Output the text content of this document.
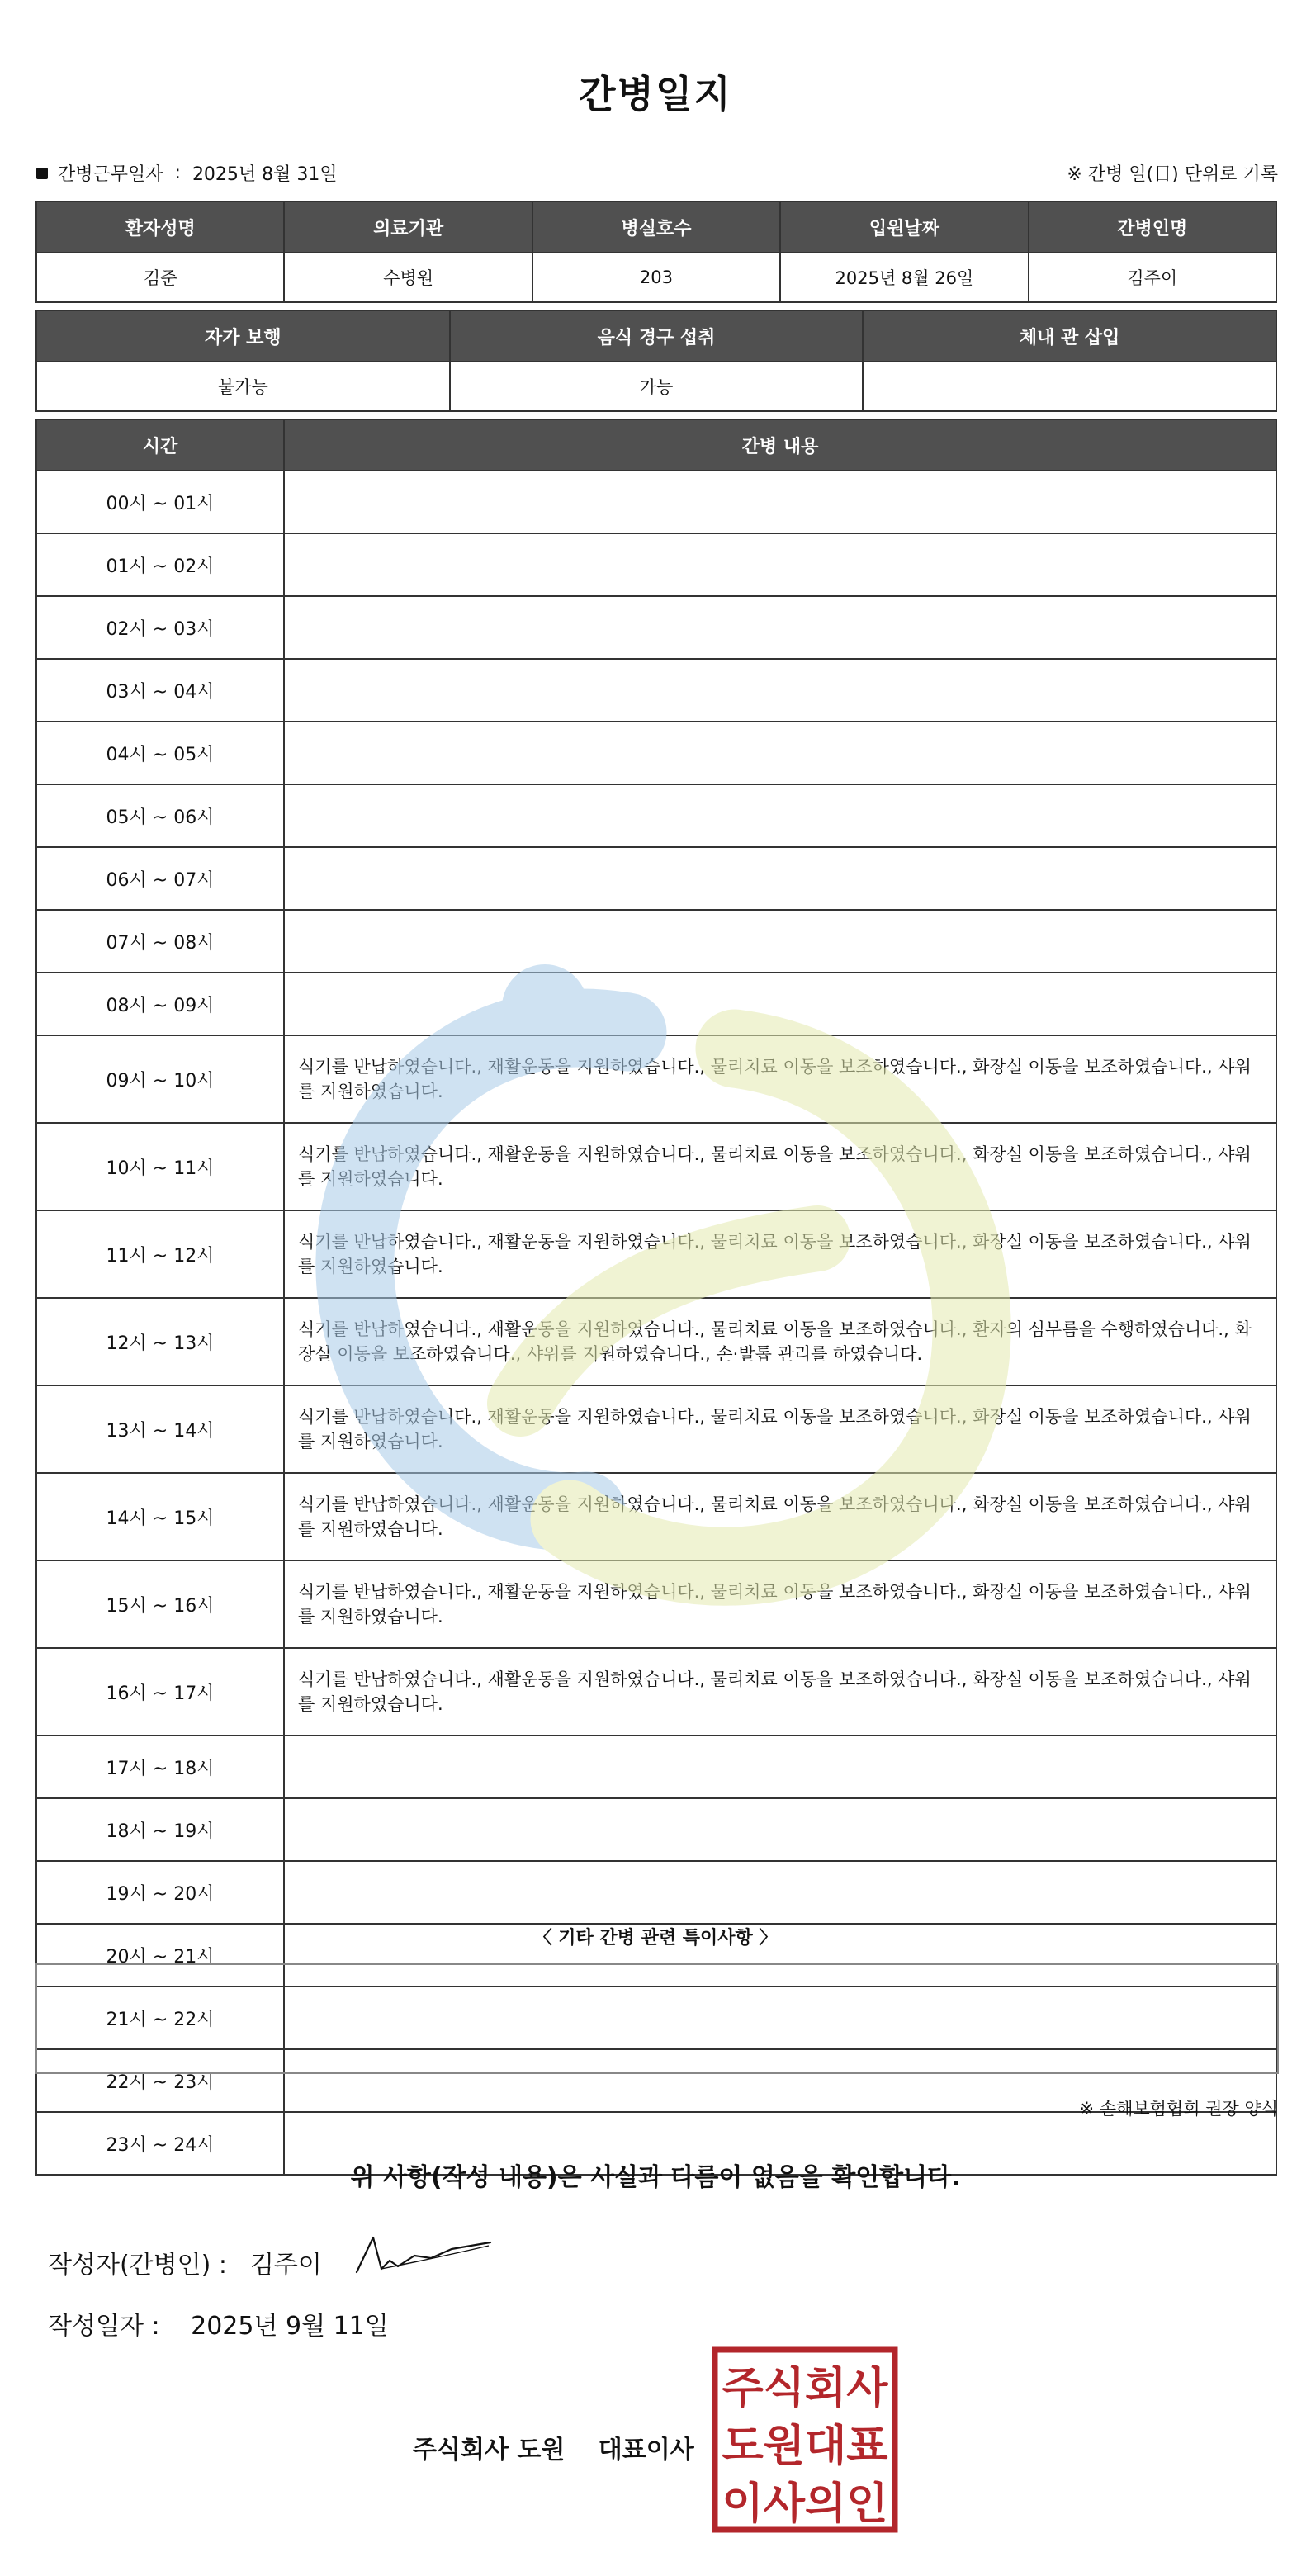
간병일지
간병근무일자 : 2025년 8월 31일	※ 간병 일(日) 단위로 기록
환자성명	의료기관	병실호수	입원날짜	간병인명
김준	수병원	203	2025년 8월 26일	김주이
자가 보행	음식 경구 섭취	체내 관 삽입
불가능	가능	
시간	간병 내용
00시 ~ 01시	
01시 ~ 02시	
02시 ~ 03시	
03시 ~ 04시	
04시 ~ 05시	
05시 ~ 06시	
06시 ~ 07시	
07시 ~ 08시	
08시 ~ 09시	
09시 ~ 10시	식기를 반납하였습니다., 재활운동을 지원하였습니다., 물리치료 이동을 보조하였습니다., 화장실 이동을 보조하였습니다., 샤워를 지원하였습니다.
10시 ~ 11시	식기를 반납하였습니다., 재활운동을 지원하였습니다., 물리치료 이동을 보조하였습니다., 화장실 이동을 보조하였습니다., 샤워를 지원하였습니다.
11시 ~ 12시	식기를 반납하였습니다., 재활운동을 지원하였습니다., 물리치료 이동을 보조하였습니다., 화장실 이동을 보조하였습니다., 샤워를 지원하였습니다.
12시 ~ 13시	식기를 반납하였습니다., 재활운동을 지원하였습니다., 물리치료 이동을 보조하였습니다., 환자의 심부름을 수행하였습니다., 화장실 이동을 보조하였습니다., 샤워를 지원하였습니다., 손·발톱 관리를 하였습니다.
13시 ~ 14시	식기를 반납하였습니다., 재활운동을 지원하였습니다., 물리치료 이동을 보조하였습니다., 화장실 이동을 보조하였습니다., 샤워를 지원하였습니다.
14시 ~ 15시	식기를 반납하였습니다., 재활운동을 지원하였습니다., 물리치료 이동을 보조하였습니다., 화장실 이동을 보조하였습니다., 샤워를 지원하였습니다.
15시 ~ 16시	식기를 반납하였습니다., 재활운동을 지원하였습니다., 물리치료 이동을 보조하였습니다., 화장실 이동을 보조하였습니다., 샤워를 지원하였습니다.
16시 ~ 17시	식기를 반납하였습니다., 재활운동을 지원하였습니다., 물리치료 이동을 보조하였습니다., 화장실 이동을 보조하였습니다., 샤워를 지원하였습니다.
17시 ~ 18시	
18시 ~ 19시	
19시 ~ 20시	
20시 ~ 21시	
21시 ~ 22시	
22시 ~ 23시	
23시 ~ 24시	
〈 기타 간병 관련 특이사항 〉
※ 손해보험협회 권장 양식
위 사항(작성 내용)은 사실과 다름이 없음을 확인합니다.
작성자(간병인) : 김주이
작성일자 : 2025년 9월 11일
주식회사 도원 대표이사
주식회사
도원대표
이사의인
